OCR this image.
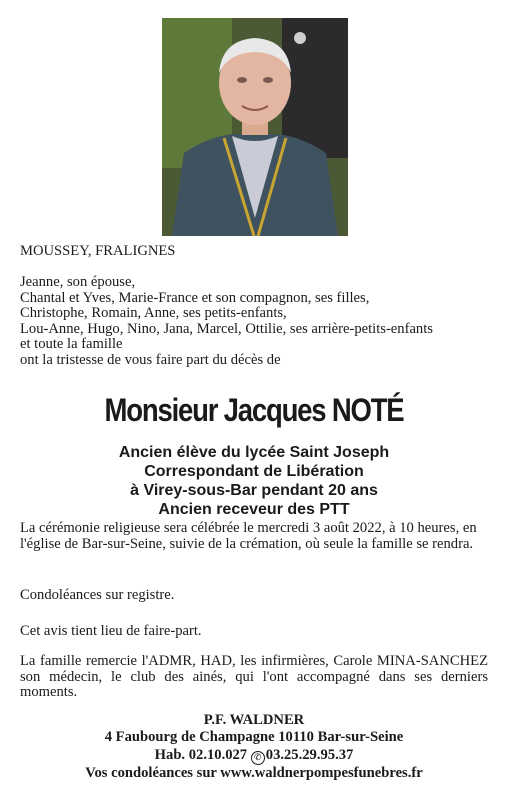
MOUSSEY, FRALIGNES
Jeanne, son épouse,
Chantal et Yves, Marie-France et son compagnon, ses filles,
Christophe, Romain, Anne, ses petits-enfants,
Lou-Anne, Hugo, Nino, Jana, Marcel, Ottilie, ses arrière-petits-enfants
et toute la famille
ont la tristesse de vous faire part du décès de
Monsieur Jacques NOTÉ
Ancien élève du lycée Saint Joseph
Correspondant de Libération
à Virey-sous-Bar pendant 20 ans
Ancien receveur des PTT
La cérémonie religieuse sera célébrée le mercredi 3 août 2022, à 10 heures, en l'église de Bar-sur-Seine, suivie de la crémation, où seule la famille se rendra.
Condoléances sur registre.
Cet avis tient lieu de faire-part.
La famille remercie l'ADMR, HAD, les infirmières, Carole MINA-SANCHEZ son médecin, le club des ainés, qui l'ont accompagné dans ses derniers moments.
P.F. WALDNER
4 Faubourg de Champagne 10110 Bar-sur-Seine
Hab. 02.10.027 ✆ 03.25.29.95.37
Vos condoléances sur www.waldnerpompesfunebres.fr
